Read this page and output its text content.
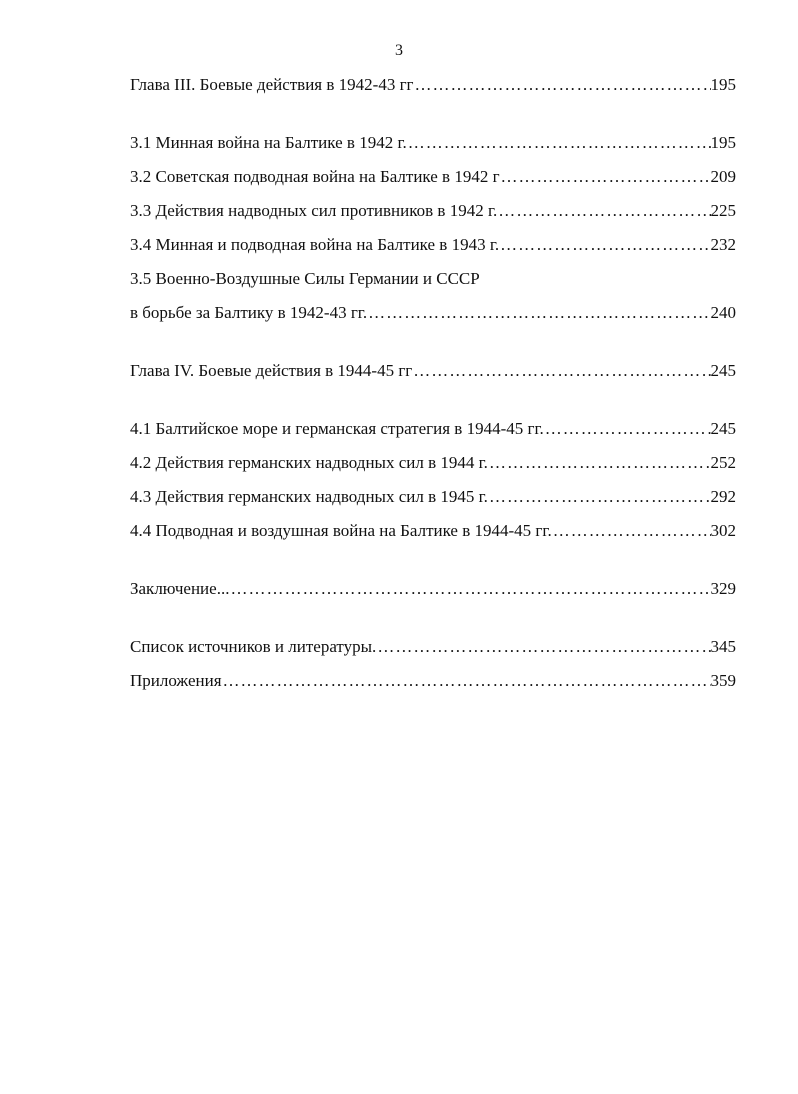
3
Глава III. Боевые действия в 1942-43 гг ……………………………………………………………………………………………………………………………………………	195
3.1 Минная война на Балтике в 1942 г. ……………………………………………………………………………………………………………………………………………	195
3.2 Советская подводная война на Балтике в 1942 г ……………………………………………………………………………………………………………………………………………	209
3.3 Действия надводных сил противников в 1942 г. ……………………………………………………………………………………………………………………………………………	225
3.4 Минная и подводная война на Балтике в 1943 г. ……………………………………………………………………………………………………………………………………………	232
3.5 Военно-Воздушные Силы Германии и СССР
в борьбе за Балтику в 1942-43 гг. ……………………………………………………………………………………………………………………………………………	240
Глава IV. Боевые действия в 1944-45 гг ……………………………………………………………………………………………………………………………………………	245
4.1 Балтийское море и германская стратегия в 1944-45 гг. ……………………………………………………………………………………………………………………………………………	245
4.2 Действия германских надводных сил в 1944 г. ……………………………………………………………………………………………………………………………………………	252
4.3 Действия германских надводных сил в 1945 г. ……………………………………………………………………………………………………………………………………………	292
4.4 Подводная и воздушная война на Балтике в 1944-45 гг. ……………………………………………………………………………………………………………………………………………	302
Заключение... ……………………………………………………………………………………………………………………………………………	329
Список источников и литературы. ……………………………………………………………………………………………………………………………………………	345
Приложения ……………………………………………………………………………………………………………………………………………	359
